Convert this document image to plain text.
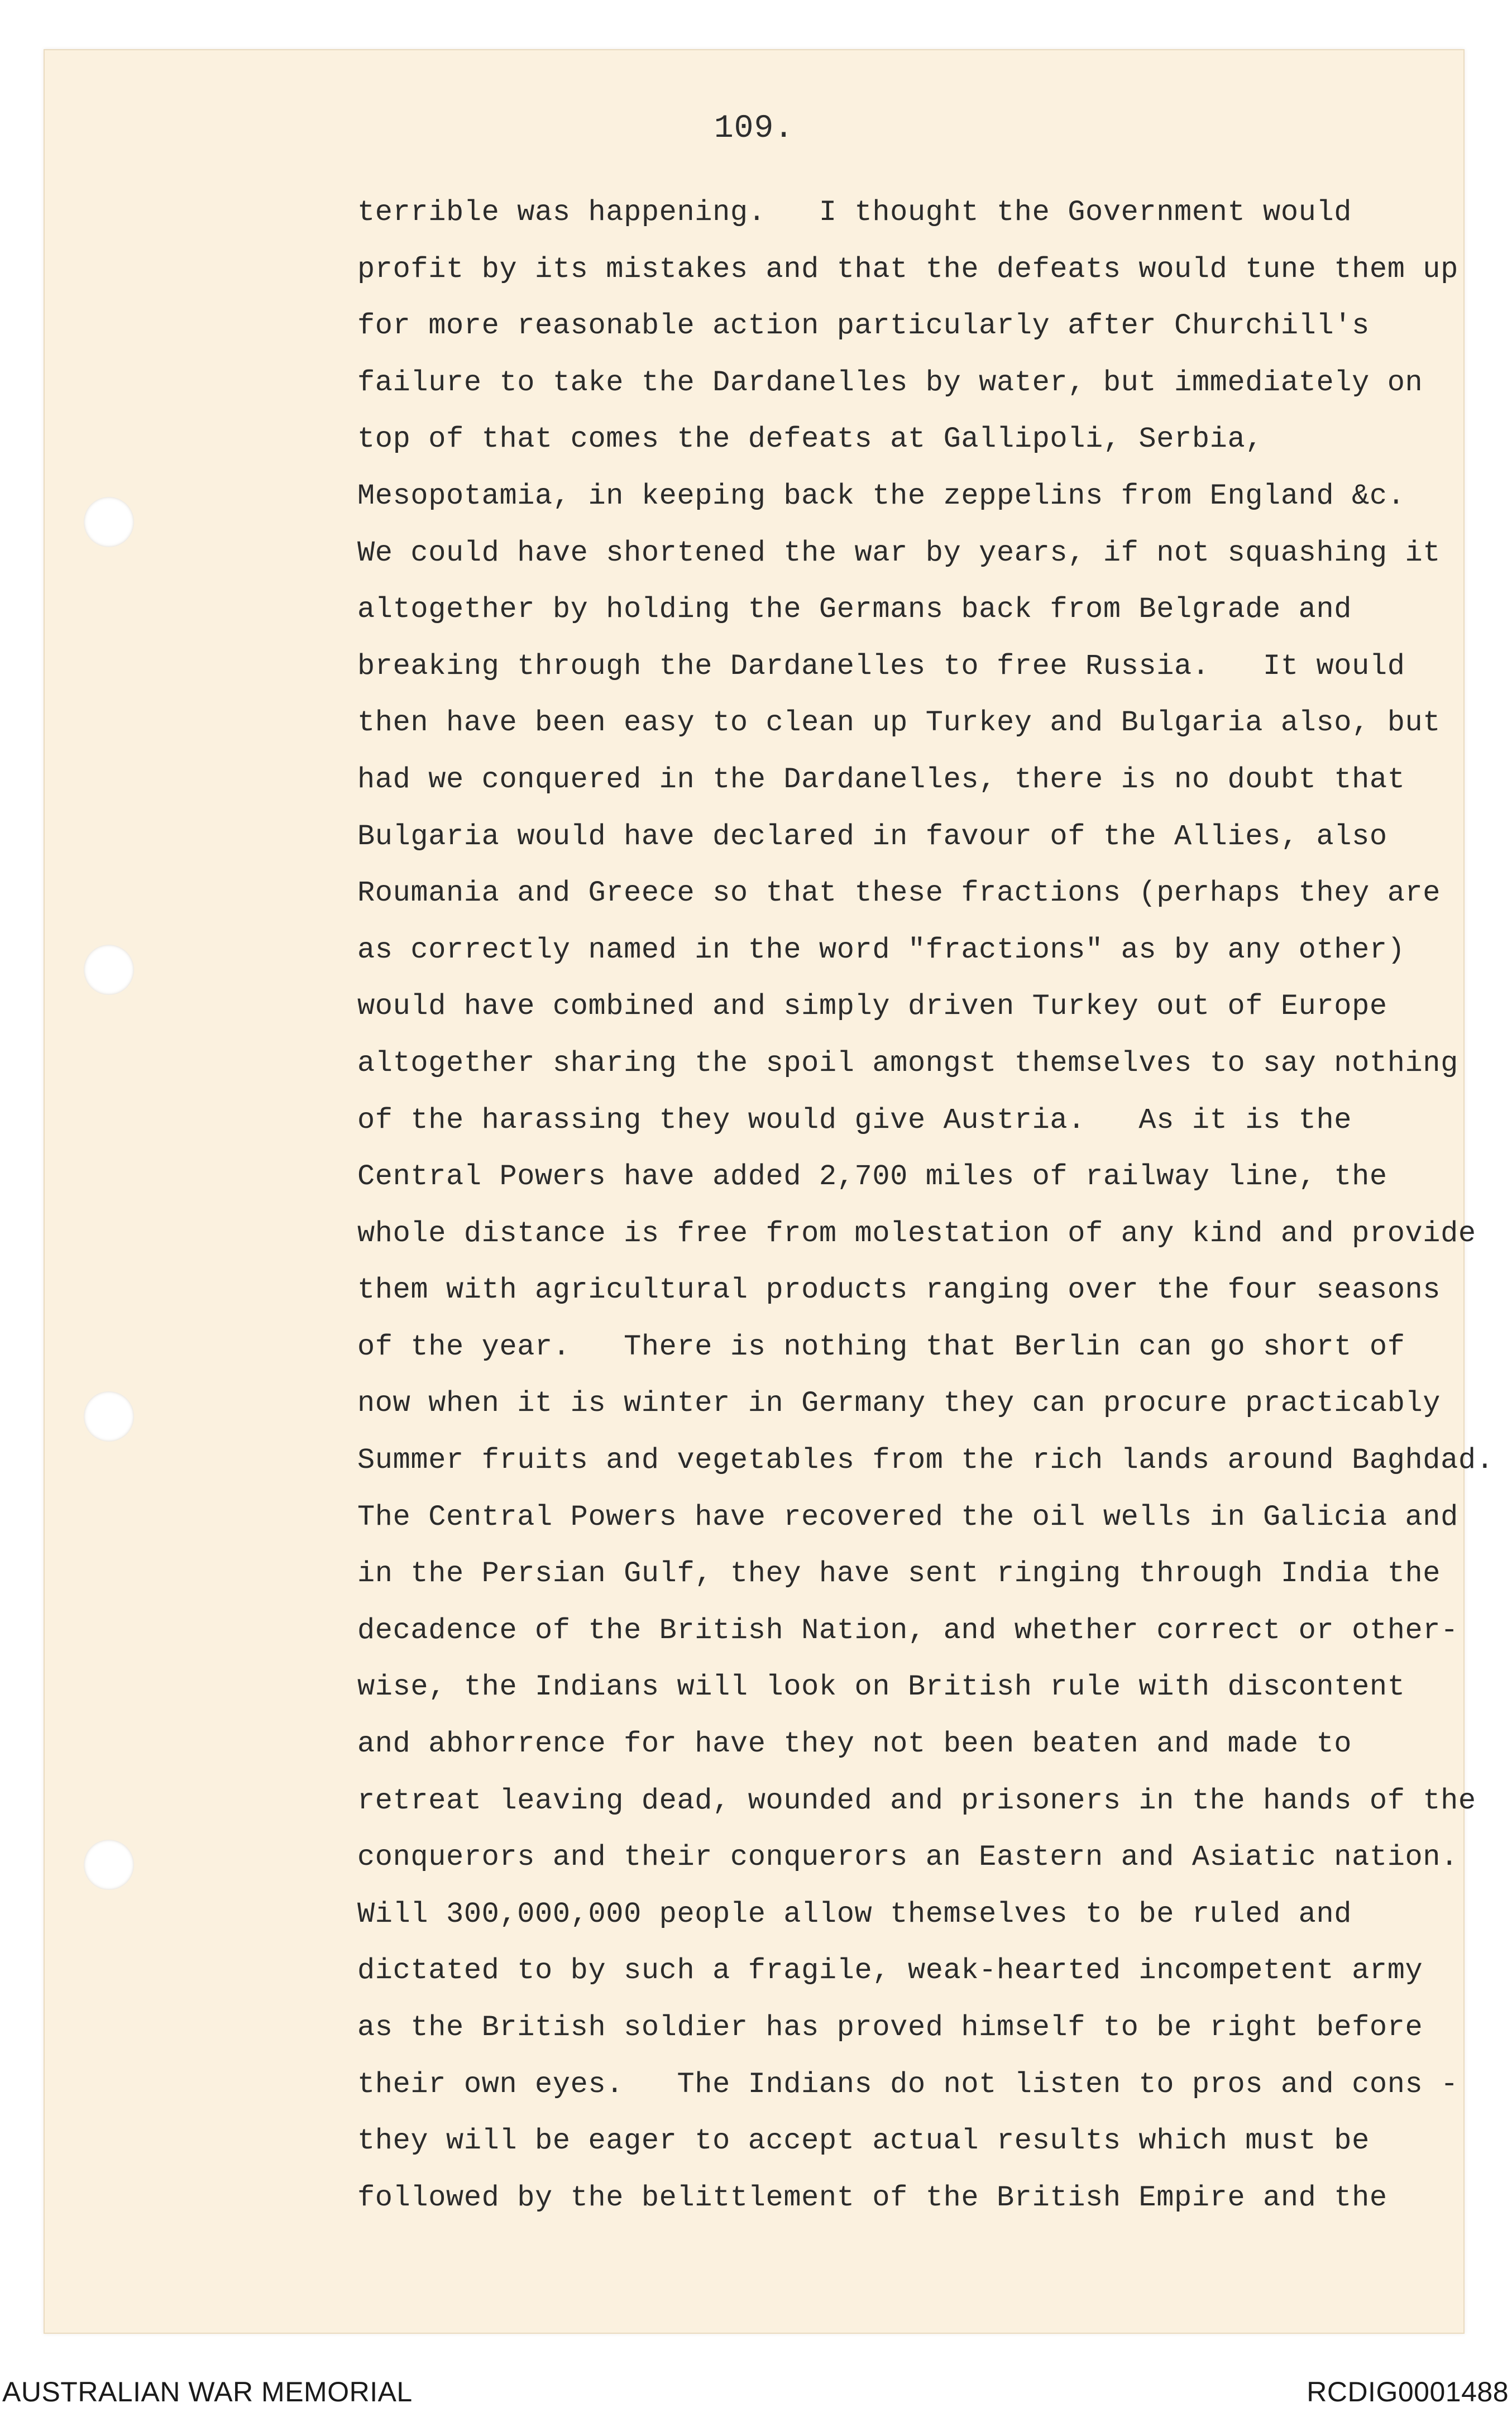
109.
terrible was happening.   I thought the Government would
profit by its mistakes and that the defeats would tune them up
for more reasonable action particularly after Churchill's
failure to take the Dardanelles by water, but immediately on
top of that comes the defeats at Gallipoli, Serbia,
Mesopotamia, in keeping back the zeppelins from England &c.
We could have shortened the war by years, if not squashing it
altogether by holding the Germans back from Belgrade and
breaking through the Dardanelles to free Russia.   It would
then have been easy to clean up Turkey and Bulgaria also, but
had we conquered in the Dardanelles, there is no doubt that
Bulgaria would have declared in favour of the Allies, also
Roumania and Greece so that these fractions (perhaps they are
as correctly named in the word "fractions" as by any other)
would have combined and simply driven Turkey out of Europe
altogether sharing the spoil amongst themselves to say nothing
of the harassing they would give Austria.   As it is the
Central Powers have added 2,700 miles of railway line, the
whole distance is free from molestation of any kind and provide
them with agricultural products ranging over the four seasons
of the year.   There is nothing that Berlin can go short of
now when it is winter in Germany they can procure practicably
Summer fruits and vegetables from the rich lands around Baghdad.
The Central Powers have recovered the oil wells in Galicia and
in the Persian Gulf, they have sent ringing through India the
decadence of the British Nation, and whether correct or other-
wise, the Indians will look on British rule with discontent
and abhorrence for have they not been beaten and made to
retreat leaving dead, wounded and prisoners in the hands of the
conquerors and their conquerors an Eastern and Asiatic nation.
Will 300,000,000 people allow themselves to be ruled and
dictated to by such a fragile, weak-hearted incompetent army
as the British soldier has proved himself to be right before
their own eyes.   The Indians do not listen to pros and cons -
they will be eager to accept actual results which must be
followed by the belittlement of the British Empire and the
AUSTRALIAN WAR MEMORIAL	RCDIG0001488
